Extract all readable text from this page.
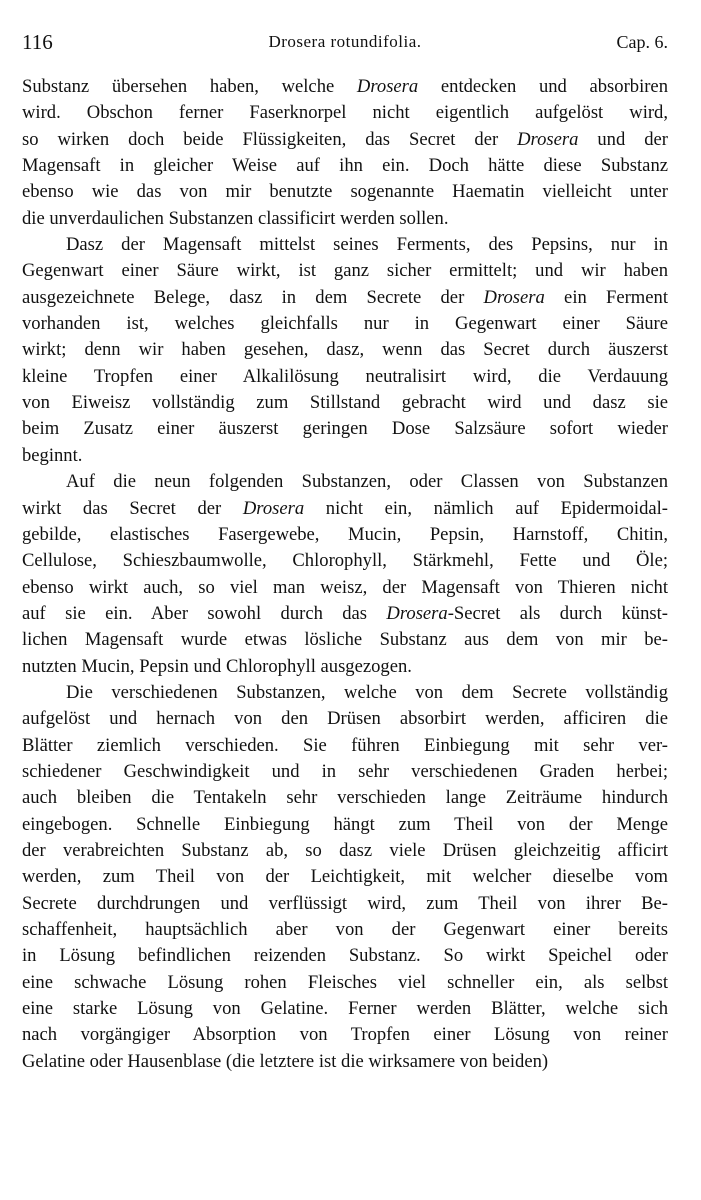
116	Drosera rotundifolia.	Cap. 6.
Substanz übersehen haben, welche Drosera entdecken und absorbiren
wird. Obschon ferner Faserknorpel nicht eigentlich aufgelöst wird,
so wirken doch beide Flüssigkeiten, das Secret der Drosera und der
Magensaft in gleicher Weise auf ihn ein. Doch hätte diese Substanz
ebenso wie das von mir benutzte sogenannte Haematin vielleicht unter
die unverdaulichen Substanzen classificirt werden sollen.
Dasz der Magensaft mittelst seines Ferments, des Pepsins, nur in
Gegenwart einer Säure wirkt, ist ganz sicher ermittelt; und wir haben
ausgezeichnete Belege, dasz in dem Secrete der Drosera ein Ferment
vorhanden ist, welches gleichfalls nur in Gegenwart einer Säure
wirkt; denn wir haben gesehen, dasz, wenn das Secret durch äuszerst
kleine Tropfen einer Alkalilösung neutralisirt wird, die Verdauung
von Eiweisz vollständig zum Stillstand gebracht wird und dasz sie
beim Zusatz einer äuszerst geringen Dose Salzsäure sofort wieder
beginnt.
Auf die neun folgenden Substanzen, oder Classen von Substanzen
wirkt das Secret der Drosera nicht ein, nämlich auf Epidermoidal-
gebilde, elastisches Fasergewebe, Mucin, Pepsin, Harnstoff, Chitin,
Cellulose, Schieszbaumwolle, Chlorophyll, Stärkmehl, Fette und Öle;
ebenso wirkt auch, so viel man weisz, der Magensaft von Thieren nicht
auf sie ein. Aber sowohl durch das Drosera-Secret als durch künst-
lichen Magensaft wurde etwas lösliche Substanz aus dem von mir be-
nutzten Mucin, Pepsin und Chlorophyll ausgezogen.
Die verschiedenen Substanzen, welche von dem Secrete vollständig
aufgelöst und hernach von den Drüsen absorbirt werden, afficiren die
Blätter ziemlich verschieden. Sie führen Einbiegung mit sehr ver-
schiedener Geschwindigkeit und in sehr verschiedenen Graden herbei;
auch bleiben die Tentakeln sehr verschieden lange Zeiträume hindurch
eingebogen. Schnelle Einbiegung hängt zum Theil von der Menge
der verabreichten Substanz ab, so dasz viele Drüsen gleichzeitig afficirt
werden, zum Theil von der Leichtigkeit, mit welcher dieselbe vom
Secrete durchdrungen und verflüssigt wird, zum Theil von ihrer Be-
schaffenheit, hauptsächlich aber von der Gegenwart einer bereits
in Lösung befindlichen reizenden Substanz. So wirkt Speichel oder
eine schwache Lösung rohen Fleisches viel schneller ein, als selbst
eine starke Lösung von Gelatine. Ferner werden Blätter, welche sich
nach vorgängiger Absorption von Tropfen einer Lösung von reiner
Gelatine oder Hausenblase (die letztere ist die wirksamere von beiden)
